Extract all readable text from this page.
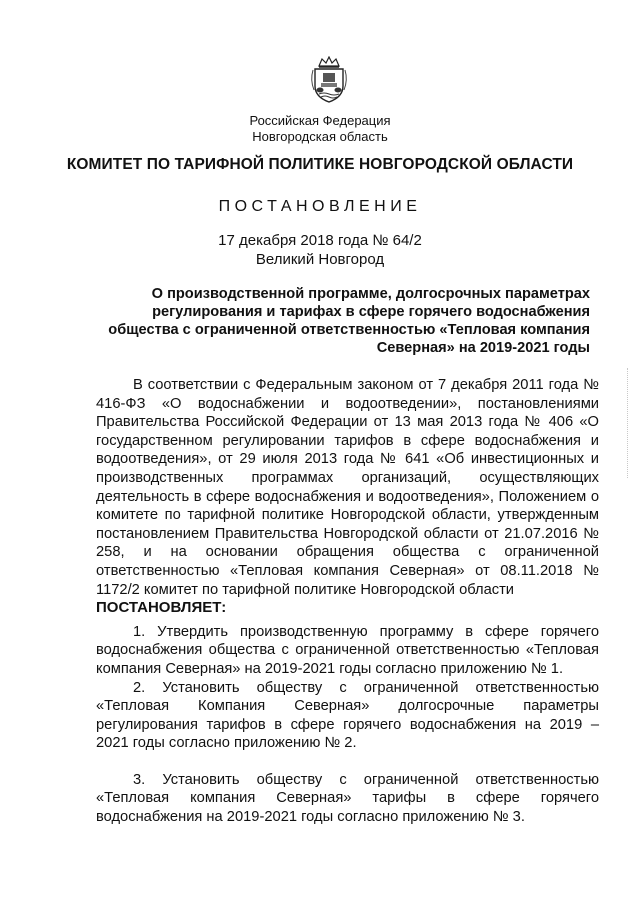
Российская Федерация
Новгородская область
КОМИТЕТ ПО ТАРИФНОЙ ПОЛИТИКЕ НОВГОРОДСКОЙ ОБЛАСТИ
ПОСТАНОВЛЕНИЕ
17 декабря 2018 года № 64/2
Великий Новгород
О производственной программе, долгосрочных параметрах
регулирования и тарифах в сфере горячего водоснабжения
общества с ограниченной ответственностью «Тепловая компания
Северная» на 2019-2021 годы

В соответствии с Федеральным законом от 7 декабря 2011 года № 416-ФЗ «О водоснабжении и водоотведении», постановлениями Правительства Российской Федерации от 13 мая 2013 года № 406 «О государственном регулировании тарифов в сфере водоснабжения и водоотведения», от 29 июля 2013 года № 641 «Об инвестиционных и производственных программах организаций, осуществляющих деятельность в сфере водоснабжения и водоотведения», Положением о комитете по тарифной политике Новгородской области, утвержденным постановлением Правительства Новгородской области от 21.07.2016 № 258, и на основании обращения общества с ограниченной ответственностью «Тепловая компания Северная» от 08.11.2018 № 1172/2 комитет по тарифной политике Новгородской области

ПОСТАНОВЛЯЕТ:

1. Утвердить производственную программу в сфере горячего водоснабжения общества с ограниченной ответственностью «Тепловая компания Северная» на 2019-2021 годы согласно приложению № 1.

2. Установить обществу с ограниченной ответственностью «Тепловая Компания Северная» долгосрочные параметры регулирования тарифов в сфере горячего водоснабжения на 2019 – 2021 годы согласно приложению № 2.

3. Установить обществу с ограниченной ответственностью «Тепловая компания Северная» тарифы в сфере горячего водоснабжения на 2019-2021 годы согласно приложению № 3.
